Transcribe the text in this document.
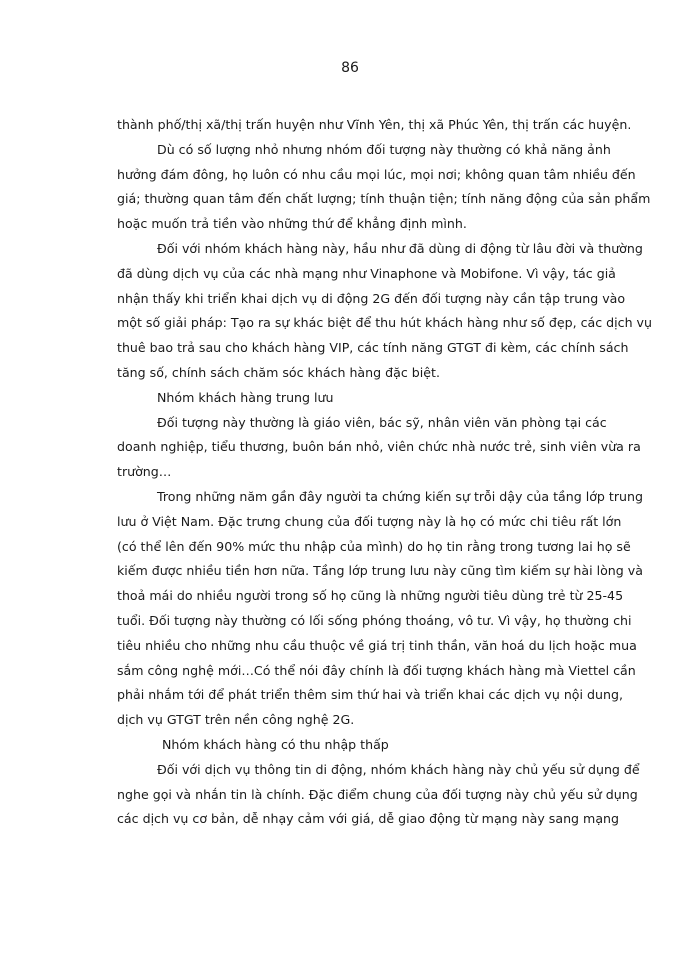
86
thành phố/thị xã/thị trấn huyện như Vĩnh Yên, thị xã Phúc Yên, thị trấn các huyện.
Dù có số lượng nhỏ nhưng nhóm đối tượng này thường có khả năng ảnh
hưởng đám đông, họ luôn có nhu cầu mọi lúc, mọi nơi; không quan tâm nhiều đến
giá; thường quan tâm đến chất lượng; tính thuận tiện; tính năng động của sản phẩm
hoặc muốn trả tiền vào những thứ để khẳng định mình.
Đối với nhóm khách hàng này, hầu như đã dùng di động từ lâu đời và thường
đã dùng dịch vụ của các nhà mạng như Vinaphone và Mobifone. Vì vậy, tác giả
nhận thấy khi triển khai dịch vụ di động 2G đến đối tượng này cần tập trung vào
một số giải pháp: Tạo ra sự khác biệt để thu hút khách hàng như số đẹp, các dịch vụ
thuê bao trả sau cho khách hàng VIP, các tính năng GTGT đi kèm, các chính sách
tăng số, chính sách chăm sóc khách hàng đặc biệt.
Nhóm khách hàng trung lưu
Đối tượng này thường là giáo viên, bác sỹ, nhân viên văn phòng tại các
doanh nghiệp, tiểu thương, buôn bán nhỏ, viên chức nhà nước trẻ, sinh viên vừa ra
trường…
Trong những năm gần đây người ta chứng kiến sự trỗi dậy của tầng lớp trung
lưu ở Việt Nam. Đặc trưng chung của đối tượng này là họ có mức chi tiêu rất lớn
(có thể lên đến 90% mức thu nhập của mình) do họ tin rằng trong tương lai họ sẽ
kiếm được nhiều tiền hơn nữa. Tầng lớp trung lưu này cũng tìm kiếm sự hài lòng và
thoả mái do nhiều người trong số họ cũng là những người tiêu dùng trẻ từ 25-45
tuổi. Đối tượng này thường có lối sống phóng thoáng, vô tư. Vì vậy, họ thường chi
tiêu nhiều cho những nhu cầu thuộc về giá trị tinh thần, văn hoá du lịch hoặc mua
sắm công nghệ mới…Có thể nói đây chính là đối tượng khách hàng mà Viettel cần
phải nhắm tới để phát triển thêm sim thứ hai và triển khai các dịch vụ nội dung,
dịch vụ GTGT trên nền công nghệ 2G.
Nhóm khách hàng có thu nhập thấp
Đối với dịch vụ thông tin di động, nhóm khách hàng này chủ yếu sử dụng để
nghe gọi và nhắn tin là chính. Đặc điểm chung của đối tượng này chủ yếu sử dụng
các dịch vụ cơ bản, dễ nhạy cảm với giá, dễ giao động từ mạng này sang mạng
